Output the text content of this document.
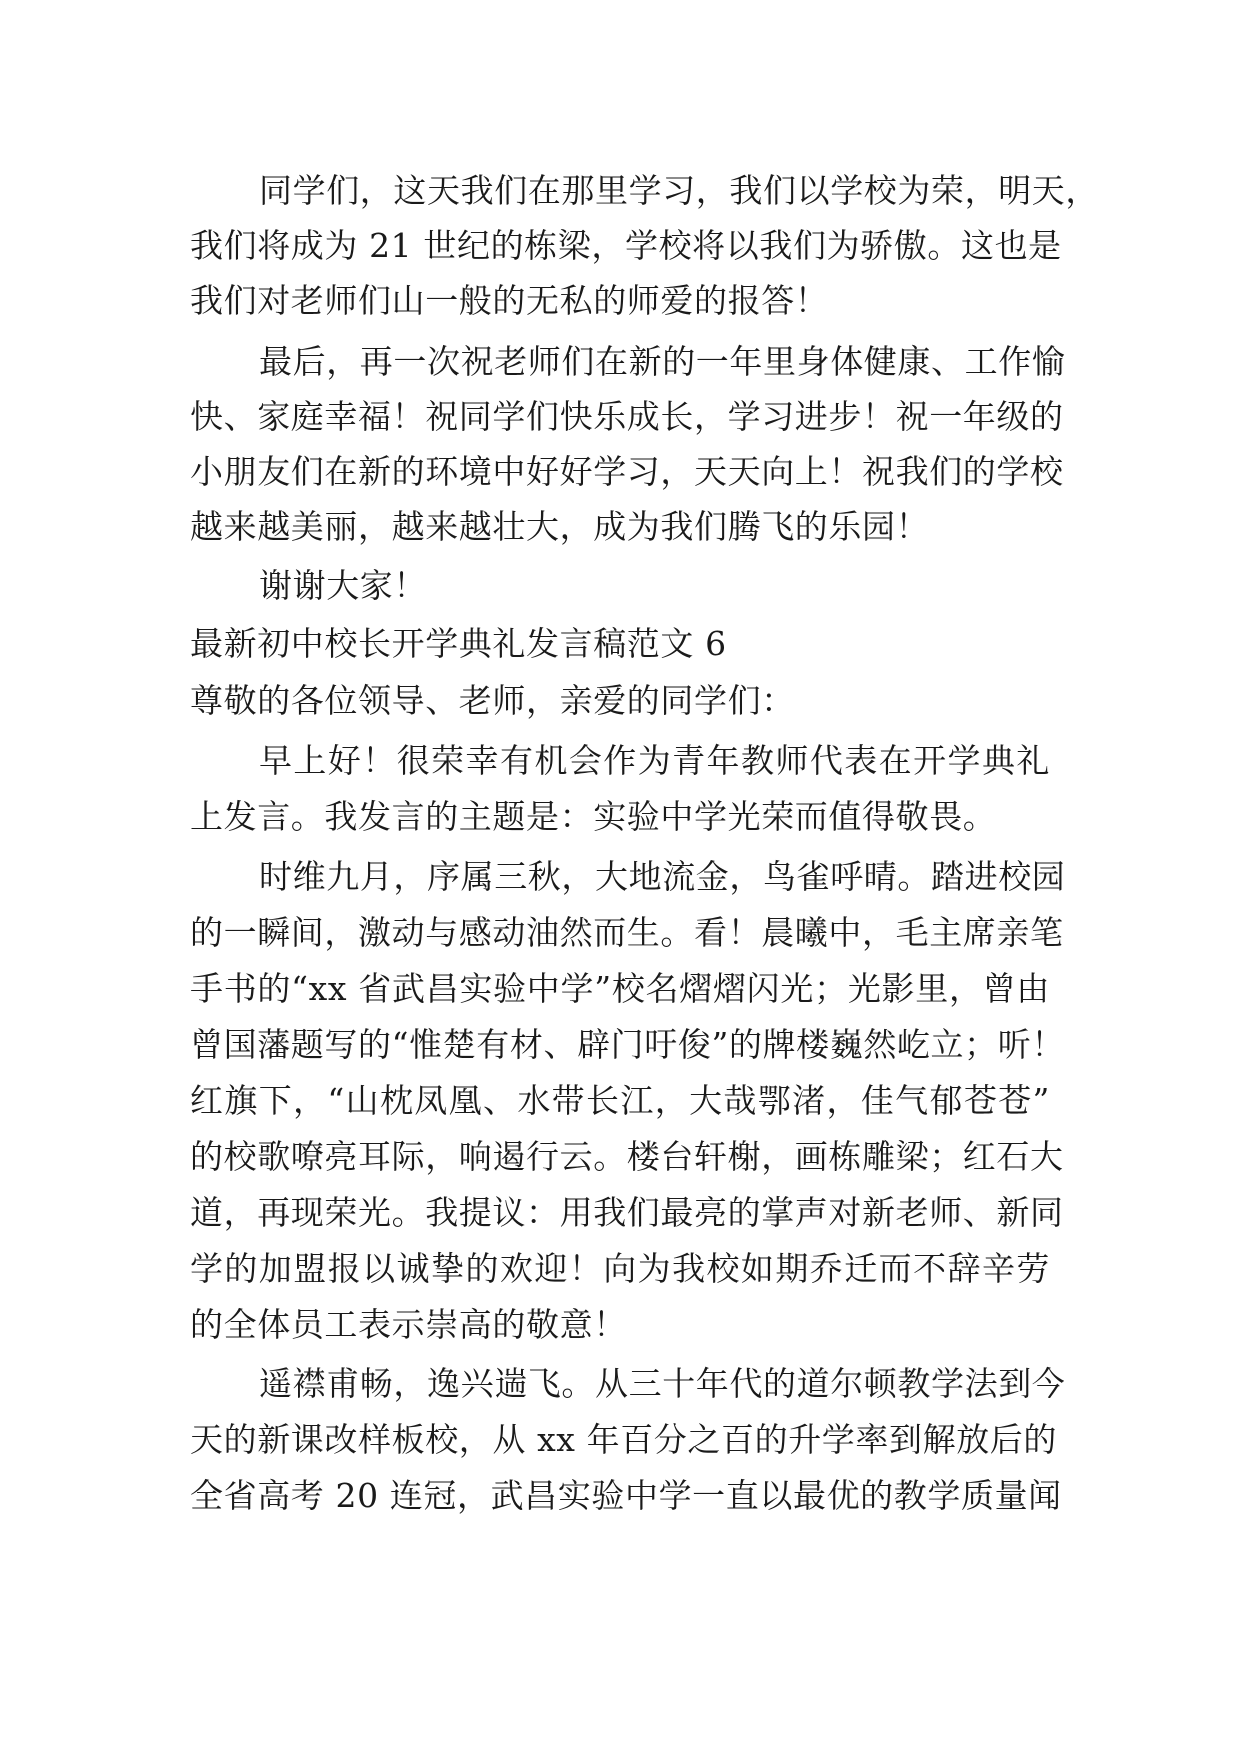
同学们，这天我们在那里学习，我们以学校为荣，明天，
我们将成为 21 世纪的栋梁，学校将以我们为骄傲。这也是
我们对老师们山一般的无私的师爱的报答！
最后，再一次祝老师们在新的一年里身体健康、工作愉
快、家庭幸福！祝同学们快乐成长，学习进步！祝一年级的
小朋友们在新的环境中好好学习，天天向上！祝我们的学校
越来越美丽，越来越壮大，成为我们腾飞的乐园！
谢谢大家！
最新初中校长开学典礼发言稿范文 6
尊敬的各位领导、老师，亲爱的同学们：
早上好！很荣幸有机会作为青年教师代表在开学典礼
上发言。我发言的主题是：实验中学光荣而值得敬畏。
时维九月，序属三秋，大地流金，鸟雀呼晴。踏进校园
的一瞬间，激动与感动油然而生。看！晨曦中，毛主席亲笔
手书的“xx 省武昌实验中学”校名熠熠闪光；光影里，曾由
曾国藩题写的“惟楚有材、辟门吁俊”的牌楼巍然屹立；听！
红旗下，“山枕凤凰、水带长江，大哉鄂渚，佳气郁苍苍”
的校歌嘹亮耳际，响遏行云。楼台轩榭，画栋雕梁；红石大
道，再现荣光。我提议：用我们最亮的掌声对新老师、新同
学的加盟报以诚挚的欢迎！向为我校如期乔迁而不辞辛劳
的全体员工表示崇高的敬意！
遥襟甫畅，逸兴遄飞。从三十年代的道尔顿教学法到今
天的新课改样板校，从 xx 年百分之百的升学率到解放后的
全省高考 20 连冠，武昌实验中学一直以最优的教学质量闻
